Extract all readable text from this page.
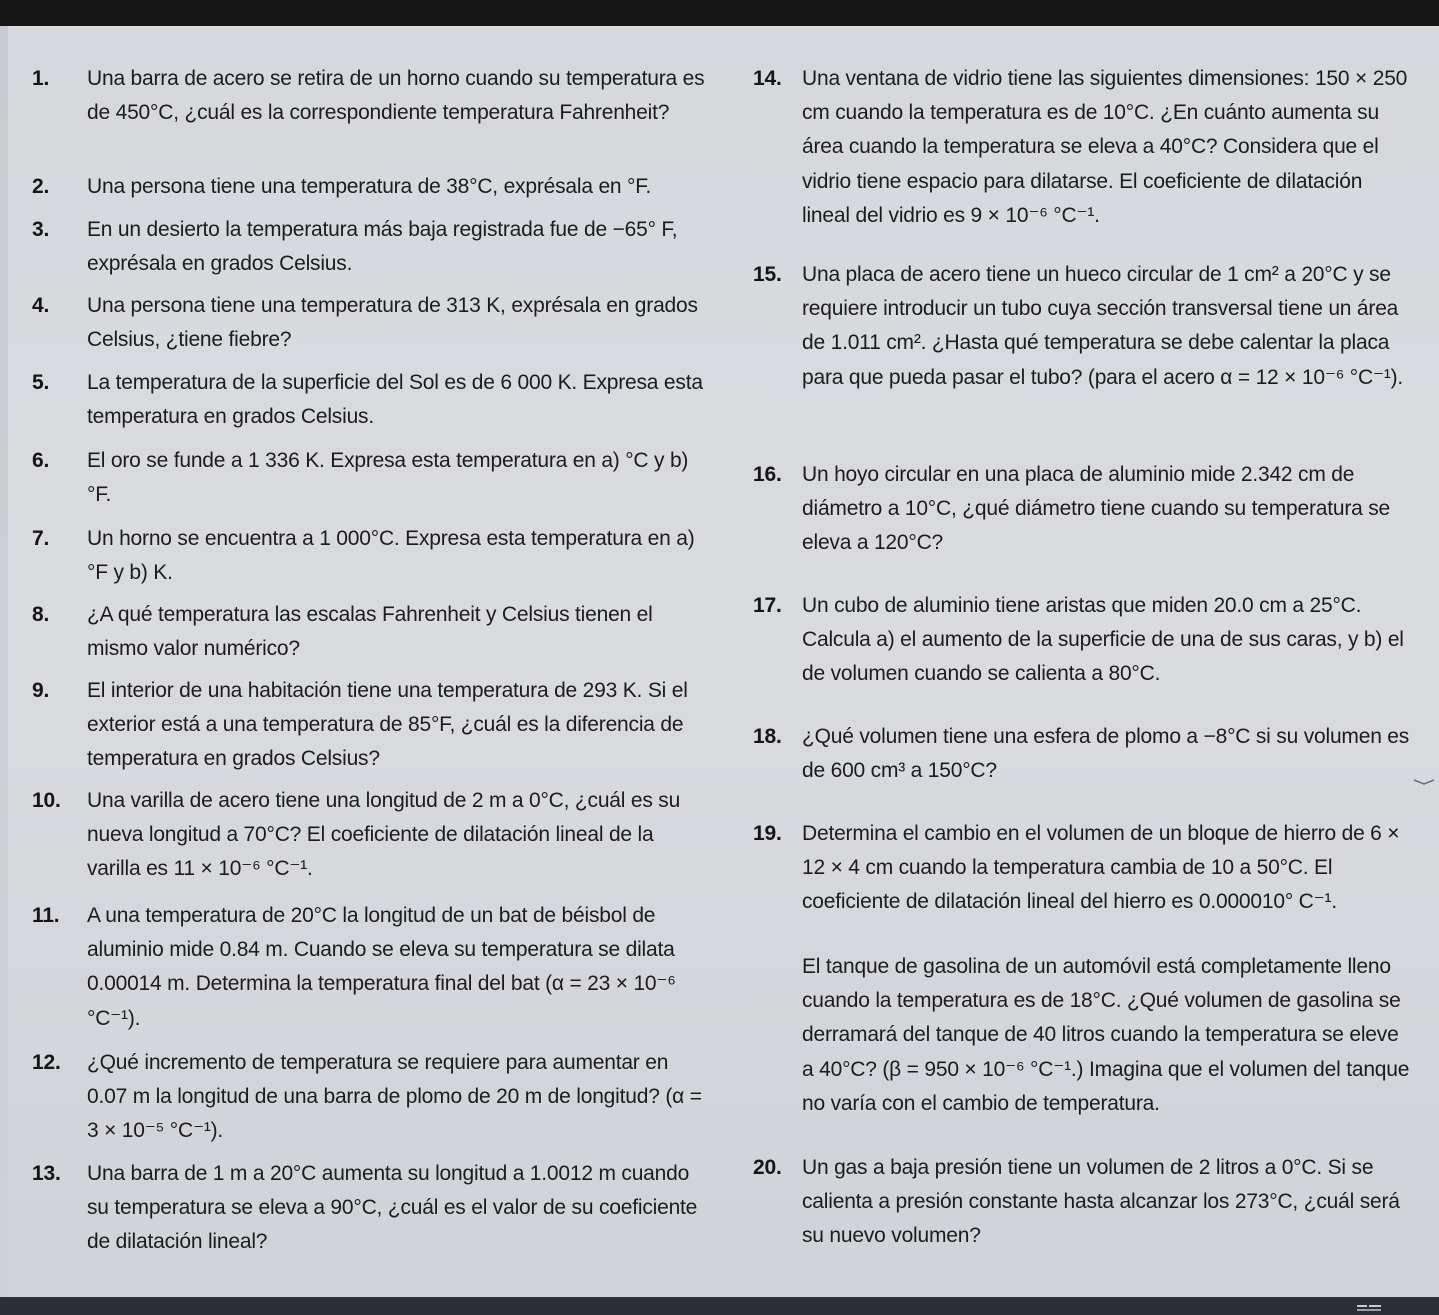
1.	Una barra de acero se retira de un horno cuando su temperatura es de 450°C, ¿cuál es la correspondiente temperatura Fahrenheit?
2.	Una persona tiene una temperatura de 38°C, exprésala en °F.
3.	En un desierto la temperatura más baja registrada fue de −65° F, exprésala en grados Celsius.
4.	Una persona tiene una temperatura de 313 K, exprésala en grados Celsius, ¿tiene fiebre?
5.	La temperatura de la superficie del Sol es de 6 000 K. Expresa esta temperatura en grados Celsius.
6.	El oro se funde a 1 336 K. Expresa esta temperatura en a) °C y b) °F.
7.	Un horno se encuentra a 1 000°C. Expresa esta temperatura en a) °F y b) K.
8.	¿A qué temperatura las escalas Fahrenheit y Celsius tienen el mismo valor numérico?
9.	El interior de una habitación tiene una temperatura de 293 K. Si el exterior está a una temperatura de 85°F, ¿cuál es la diferencia de temperatura en grados Celsius?
10.	Una varilla de acero tiene una longitud de 2 m a 0°C, ¿cuál es su nueva longitud a 70°C? El coeficiente de dilatación lineal de la varilla es 11 × 10⁻⁶ °C⁻¹.
11.	A una temperatura de 20°C la longitud de un bat de béisbol de aluminio mide 0.84 m. Cuando se eleva su temperatura se dilata 0.00014 m. Determina la temperatura final del bat (α = 23 × 10⁻⁶ °C⁻¹).
12.	¿Qué incremento de temperatura se requiere para aumentar en 0.07 m la longitud de una barra de plomo de 20 m de longitud? (α = 3 × 10⁻⁵ °C⁻¹).
13.	Una barra de 1 m a 20°C aumenta su longitud a 1.0012 m cuando su temperatura se eleva a 90°C, ¿cuál es el valor de su coeficiente de dilatación lineal?
14. Una ventana de vidrio tiene las siguientes dimensiones: 150 × 250 cm cuando la temperatura es de 10°C. ¿En cuánto aumenta su área cuando la temperatura se eleva a 40°C? Considera que el vidrio tiene espacio para dilatarse. El coeficiente de dilatación lineal del vidrio es 9 × 10⁻⁶ °C⁻¹.
15. Una placa de acero tiene un hueco circular de 1 cm² a 20°C y se requiere introducir un tubo cuya sección transversal tiene un área de 1.011 cm². ¿Hasta qué temperatura se debe calentar la placa para que pueda pasar el tubo? (para el acero α = 12 × 10⁻⁶ °C⁻¹).
16. Un hoyo circular en una placa de aluminio mide 2.342 cm de diámetro a 10°C, ¿qué diámetro tiene cuando su temperatura se eleva a 120°C?
17. Un cubo de aluminio tiene aristas que miden 20.0 cm a 25°C. Calcula a) el aumento de la superficie de una de sus caras, y b) el de volumen cuando se calienta a 80°C.
18. ¿Qué volumen tiene una esfera de plomo a −8°C si su volumen es de 600 cm³ a 150°C?
19. Determina el cambio en el volumen de un bloque de hierro de 6 × 12 × 4 cm cuando la temperatura cambia de 10 a 50°C. El coeficiente de dilatación lineal del hierro es 0.000010° C⁻¹.
El tanque de gasolina de un automóvil está completamente lleno cuando la temperatura es de 18°C. ¿Qué volumen de gasolina se derramará del tanque de 40 litros cuando la temperatura se eleve a 40°C? (β = 950 × 10⁻⁶ °C⁻¹.) Imagina que el volumen del tanque no varía con el cambio de temperatura.
20. Un gas a baja presión tiene un volumen de 2 litros a 0°C. Si se calienta a presión constante hasta alcanzar los 273°C, ¿cuál será su nuevo volumen?
